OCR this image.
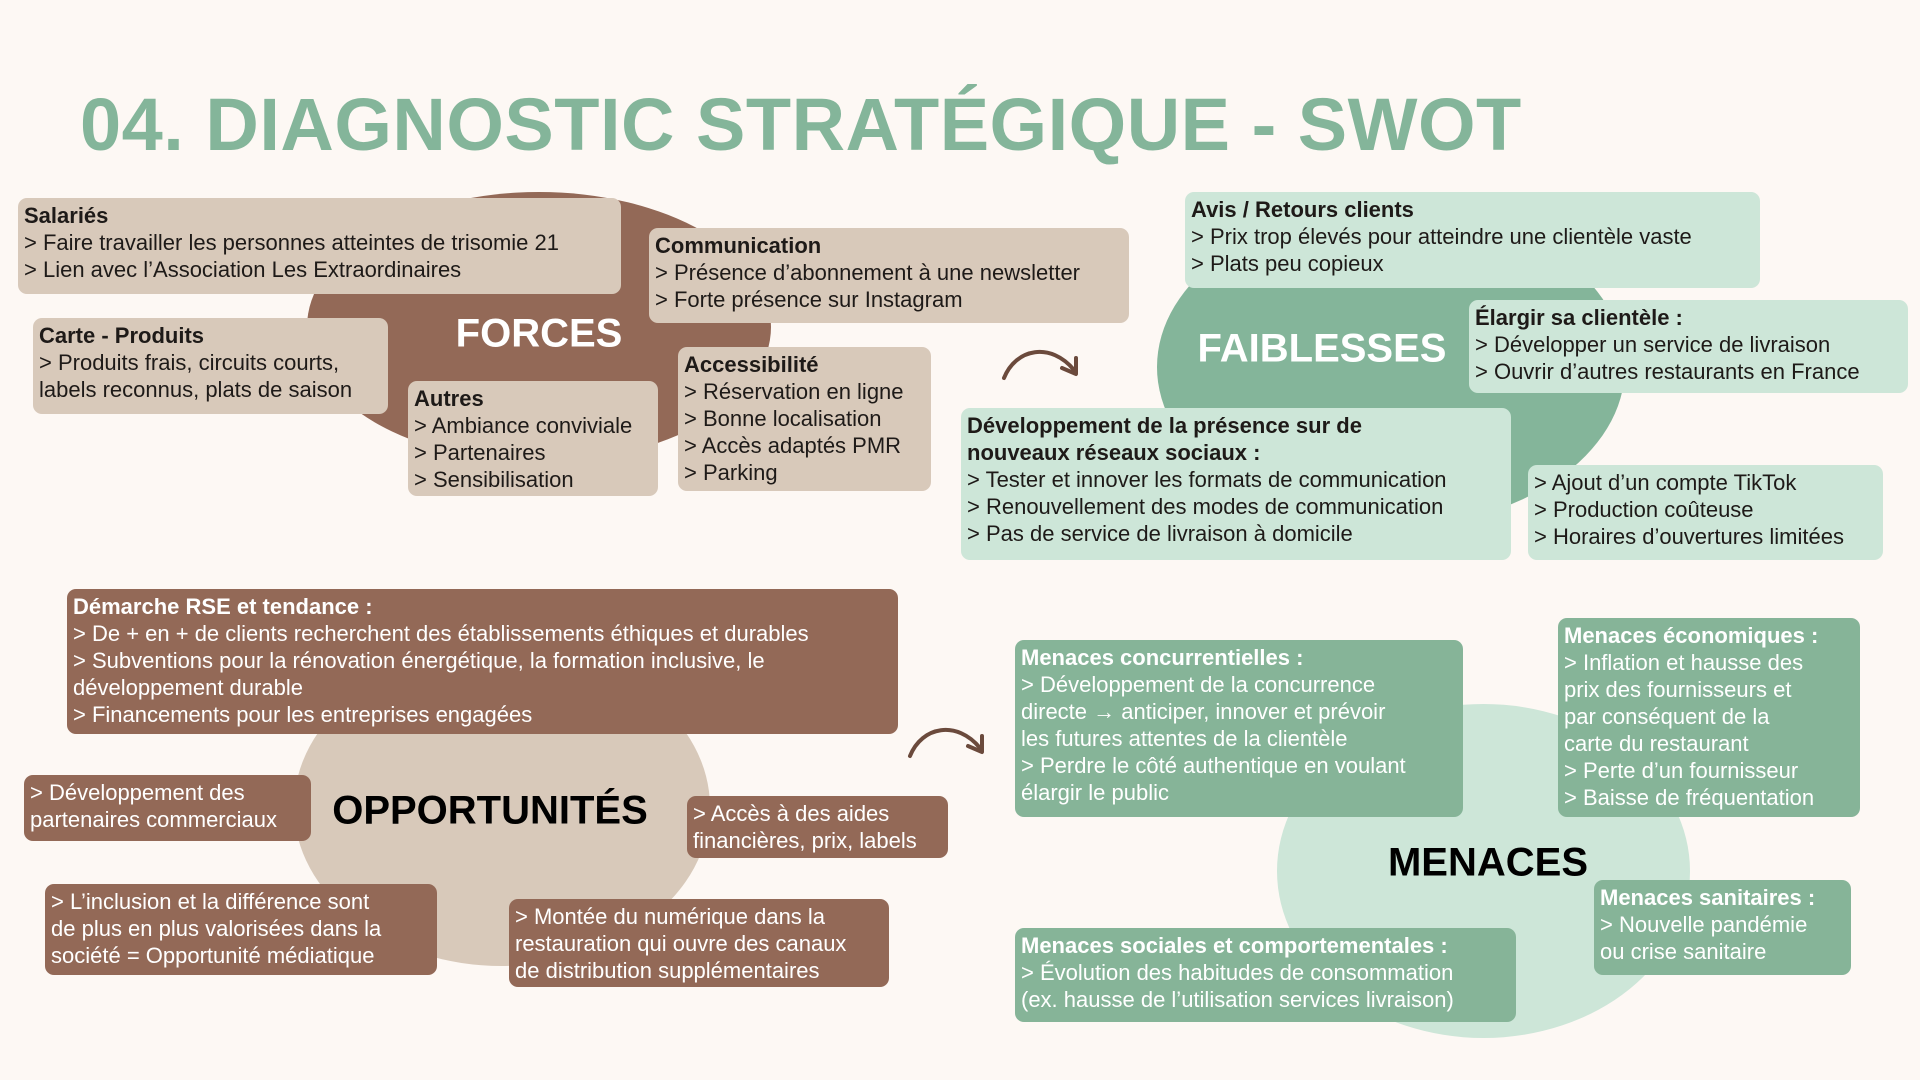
04. DIAGNOSTIC STRATÉGIQUE - SWOT
FORCES
Salariés
> Faire travailler les personnes atteintes de trisomie 21
> Lien avec l’Association Les Extraordinaires
Communication
> Présence d’abonnement à une newsletter
> Forte présence sur Instagram
Carte - Produits
> Produits frais, circuits courts,
labels reconnus, plats de saison	Autres
> Ambiance conviviale
> Partenaires
> Sensibilisation
Accessibilité
> Réservation en ligne
> Bonne localisation
> Accès adaptés PMR
> Parking
FAIBLESSES
Avis / Retours clients
> Prix trop élevés pour atteindre une clientèle vaste
> Plats peu copieux
Élargir sa clientèle :
> Développer un service de livraison
> Ouvrir d’autres restaurants en France
Développement de la présence sur de
nouveaux réseaux sociaux :
> Tester et innover les formats de communication
> Renouvellement des modes de communication
> Pas de service de livraison à domicile
> Ajout d’un compte TikTok
> Production coûteuse
> Horaires d’ouvertures limitées
OPPORTUNITÉS
Démarche RSE et tendance :
> De + en + de clients recherchent des établissements éthiques et durables
> Subventions pour la rénovation énergétique, la formation inclusive, le
développement durable
> Financements pour les entreprises engagées
> Développement des
partenaires commerciaux	> Accès à des aides
financières, prix, labels
> L’inclusion et la différence sont
de plus en plus valorisées dans la
société = Opportunité médiatique
> Montée du numérique dans la
restauration qui ouvre des canaux
de distribution supplémentaires
MENACES
Menaces concurrentielles :
> Développement de la concurrence
directe → anticiper, innover et prévoir
les futures attentes de la clientèle
> Perdre le côté authentique en voulant
élargir le public
Menaces économiques :
> Inflation et hausse des
prix des fournisseurs et
par conséquent de la
carte du restaurant
> Perte d’un fournisseur
> Baisse de fréquentation
Menaces sanitaires :
> Nouvelle pandémie
ou crise sanitaire
Menaces sociales et comportementales :
> Évolution des habitudes de consommation
(ex. hausse de l’utilisation services livraison)
